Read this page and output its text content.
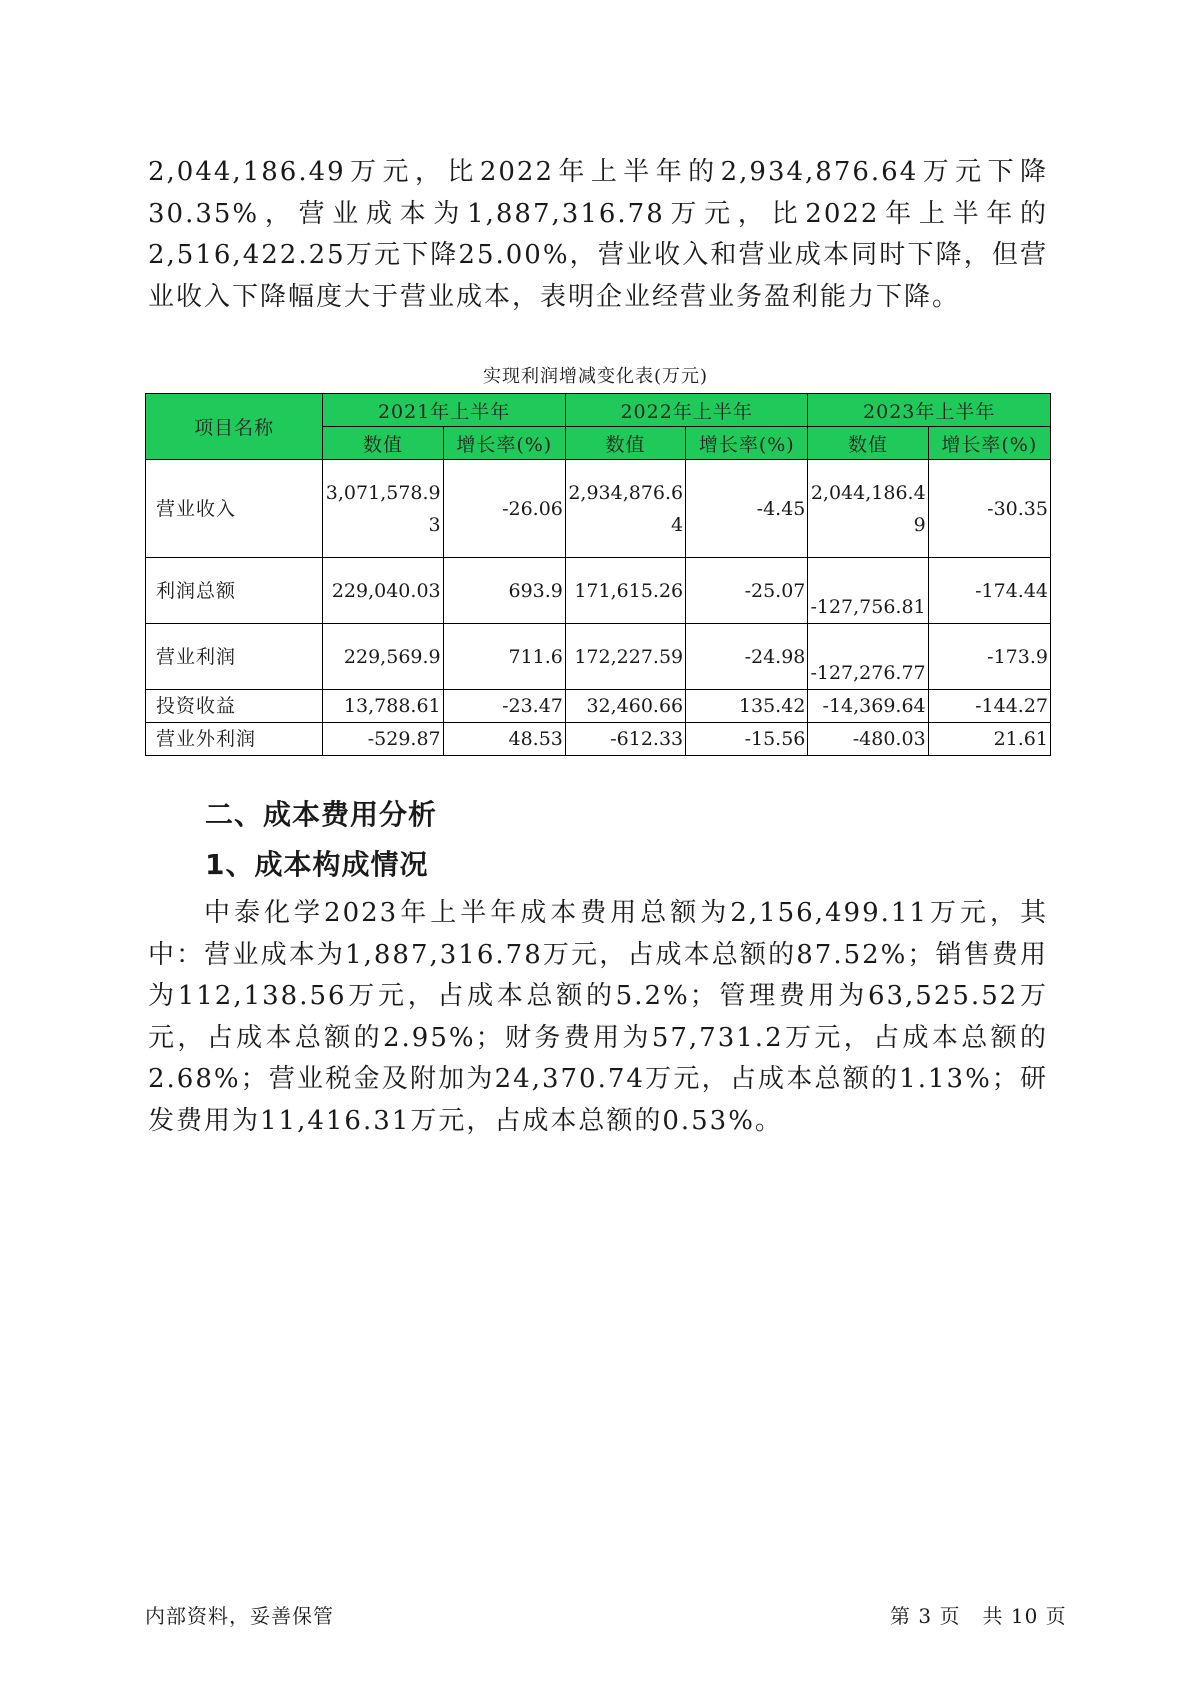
2,044,186.49万元，比2022年上半年的2,934,876.64万元下降30.35%，营业成本为1,887,316.78万元，比2022年上半年的2,516,422.25万元下降25.00%，营业收入和营业成本同时下降，但营业收入下降幅度大于营业成本，表明企业经营业务盈利能力下降。

实现利润增减变化表(万元)

项目名称	2021年上半年		2022年上半年		2023年上半年	
	数值	增长率(%)	数值	增长率(%)	数值	增长率(%)
营业收入	3,071,578.93	-26.06	2,934,876.64	-4.45	2,044,186.49	-30.35
利润总额	229,040.03	693.9	171,615.26	-25.07	-127,756.81	-174.44
营业利润	229,569.9	711.6	172,227.59	-24.98	-127,276.77	-173.9
投资收益	13,788.61	-23.47	32,460.66	135.42	-14,369.64	-144.27
营业外利润	-529.87	48.53	-612.33	-15.56	-480.03	21.61
二、成本费用分析
1、成本构成情况

中泰化学2023年上半年成本费用总额为2,156,499.11万元，其中：营业成本为1,887,316.78万元，占成本总额的87.52%；销售费用为112,138.56万元，占成本总额的5.2%；管理费用为63,525.52万元，占成本总额的2.95%；财务费用为57,731.2万元，占成本总额的2.68%；营业税金及附加为24,370.74万元，占成本总额的1.13%；研发费用为11,416.31万元，占成本总额的0.53%。

内部资料，妥善保管	第 3 页   共 10 页
